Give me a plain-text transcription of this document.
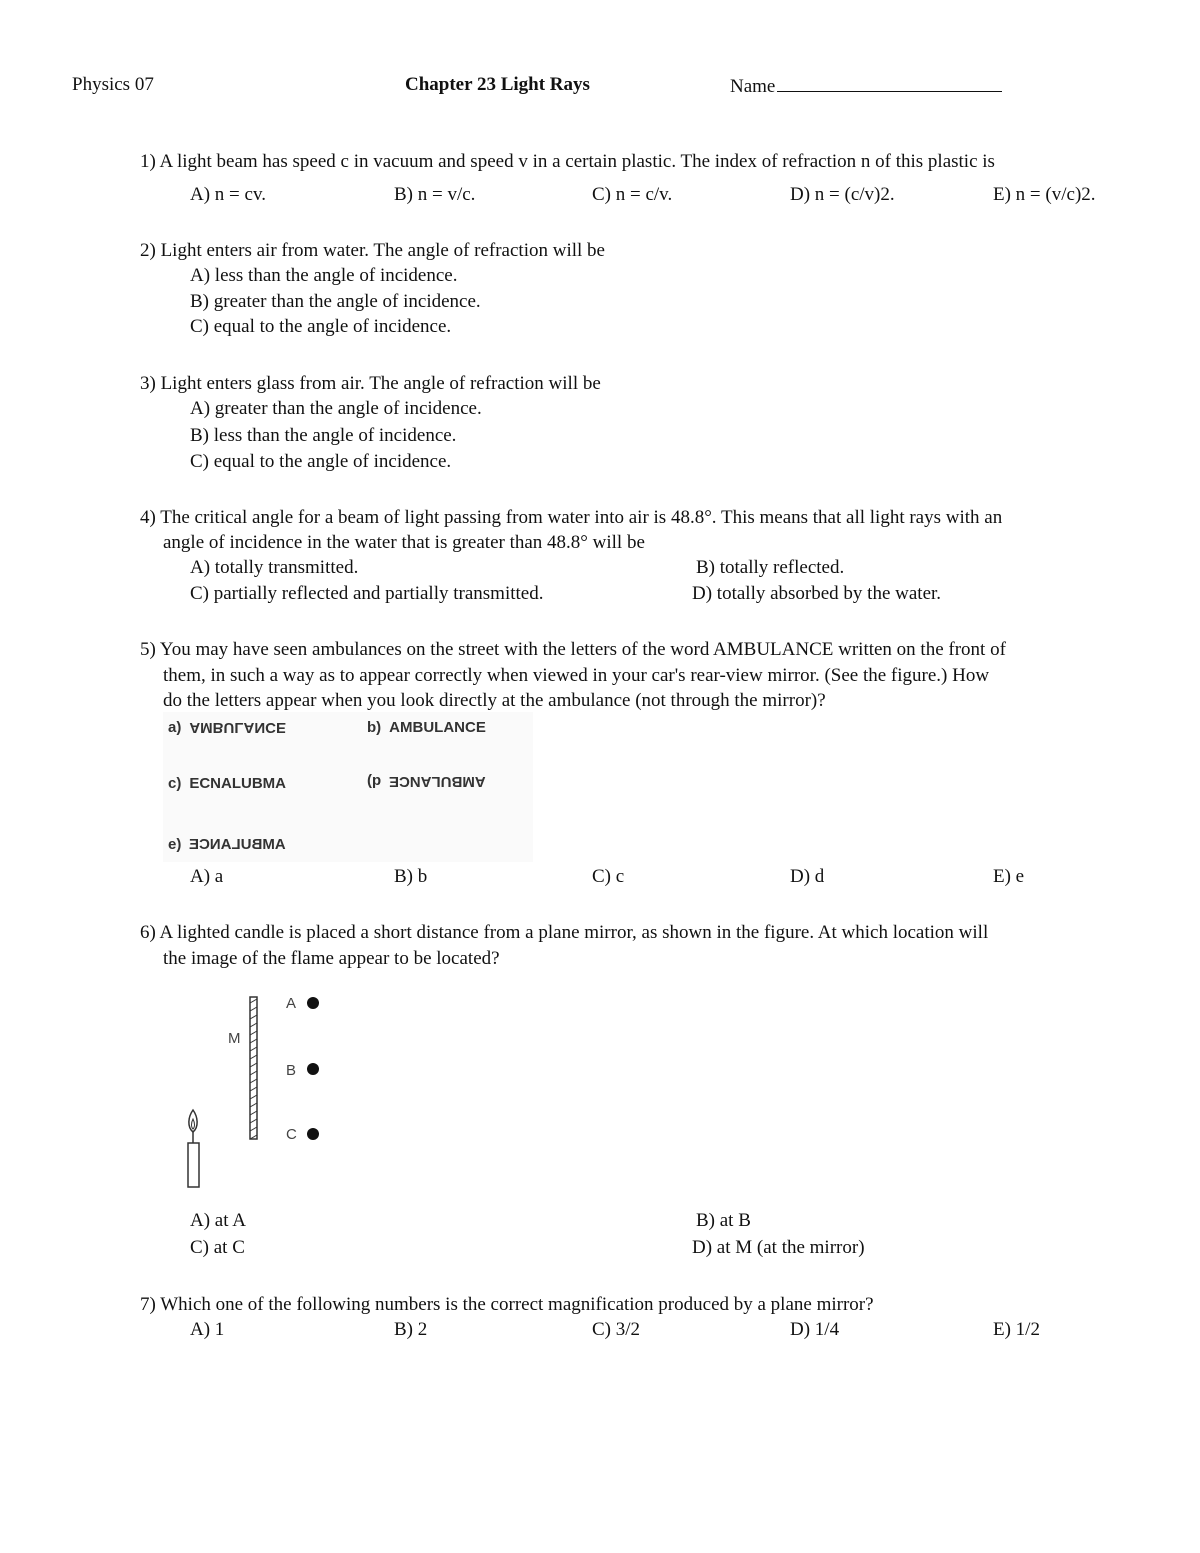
Physics 07	Chapter 23 Light Rays	Name
1) A light beam has speed c in vacuum and speed v in a certain plastic. The index of refraction n of this plastic is
A) n = cv.	B) n = v/c.	C) n = c/v.	D) n = (c/v)2.	E) n = (v/c)2.
2) Light enters air from water. The angle of refraction will be
A) less than the angle of incidence.
B) greater than the angle of incidence.
C) equal to the angle of incidence.
3) Light enters glass from air. The angle of refraction will be
A) greater than the angle of incidence.
B) less than the angle of incidence.
C) equal to the angle of incidence.
4) The critical angle for a beam of light passing from water into air is 48.8°. This means that all light rays with an
angle of incidence in the water that is greater than 48.8° will be
A) totally transmitted.	B) totally reflected.
C) partially reflected and partially transmitted.	D) totally absorbed by the water.
5) You may have seen ambulances on the street with the letters of the word AMBULANCE written on the front of
them, in such a way as to appear correctly when viewed in your car's rear-view mirror. (See the figure.) How
do the letters appear when you look directly at the ambulance (not through the mirror)?
a) AMBULANCE	b) AMBULANCE
c) ECNALUBMA	d) AMBULANCE
e) AMBULANCE
A) a	B) b	C) c	D) d	E) e
6) A lighted candle is placed a short distance from a plane mirror, as shown in the figure. At which location will
the image of the flame appear to be located?
M
A
B
C
A) at A	B) at B
C) at C	D) at M (at the mirror)
7) Which one of the following numbers is the correct magnification produced by a plane mirror?
A) 1	B) 2	C) 3/2	D) 1/4	E) 1/2
